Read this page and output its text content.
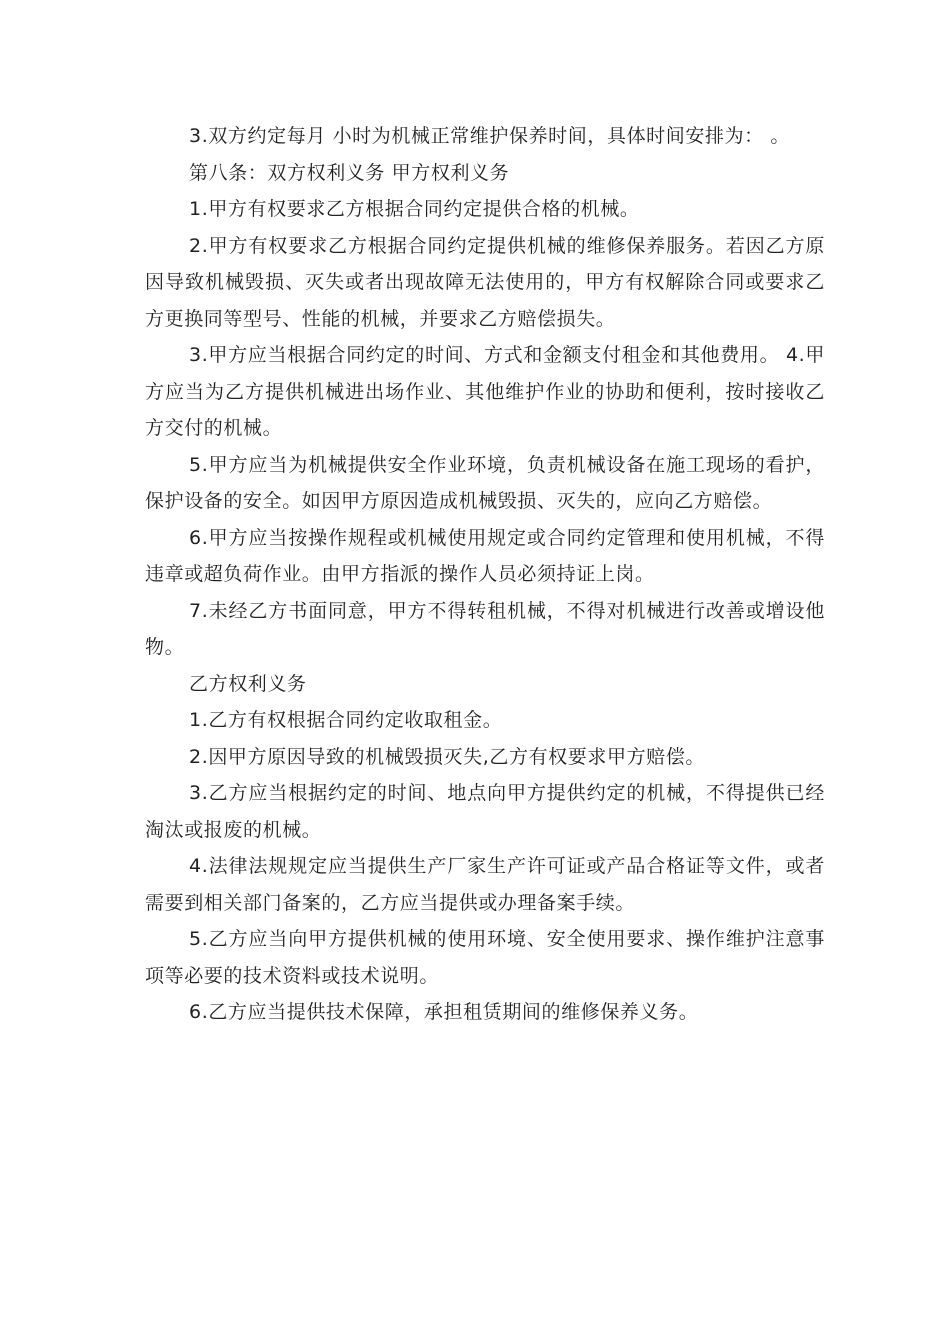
3.双方约定每月 小时为机械正常维护保养时间，具体时间安排为： 。

第八条：双方权利义务 甲方权利义务

1.甲方有权要求乙方根据合同约定提供合格的机械。

2.甲方有权要求乙方根据合同约定提供机械的维修保养服务。若因乙方原因导致机械毁损、灭失或者出现故障无法使用的，甲方有权解除合同或要求乙方更换同等型号、性能的机械，并要求乙方赔偿损失。

3.甲方应当根据合同约定的时间、方式和金额支付租金和其他费用。 4.甲方应当为乙方提供机械进出场作业、其他维护作业的协助和便利，按时接收乙方交付的机械。

5.甲方应当为机械提供安全作业环境，负责机械设备在施工现场的看护，保护设备的安全。如因甲方原因造成机械毁损、灭失的，应向乙方赔偿。

6.甲方应当按操作规程或机械使用规定或合同约定管理和使用机械，不得违章或超负荷作业。由甲方指派的操作人员必须持证上岗。

7.未经乙方书面同意，甲方不得转租机械，不得对机械进行改善或增设他物。

乙方权利义务

1.乙方有权根据合同约定收取租金。

2.因甲方原因导致的机械毁损灭失,乙方有权要求甲方赔偿。

3.乙方应当根据约定的时间、地点向甲方提供约定的机械，不得提供已经淘汰或报废的机械。

4.法律法规规定应当提供生产厂家生产许可证或产品合格证等文件，或者需要到相关部门备案的，乙方应当提供或办理备案手续。

5.乙方应当向甲方提供机械的使用环境、安全使用要求、操作维护注意事项等必要的技术资料或技术说明。

6.乙方应当提供技术保障，承担租赁期间的维修保养义务。
